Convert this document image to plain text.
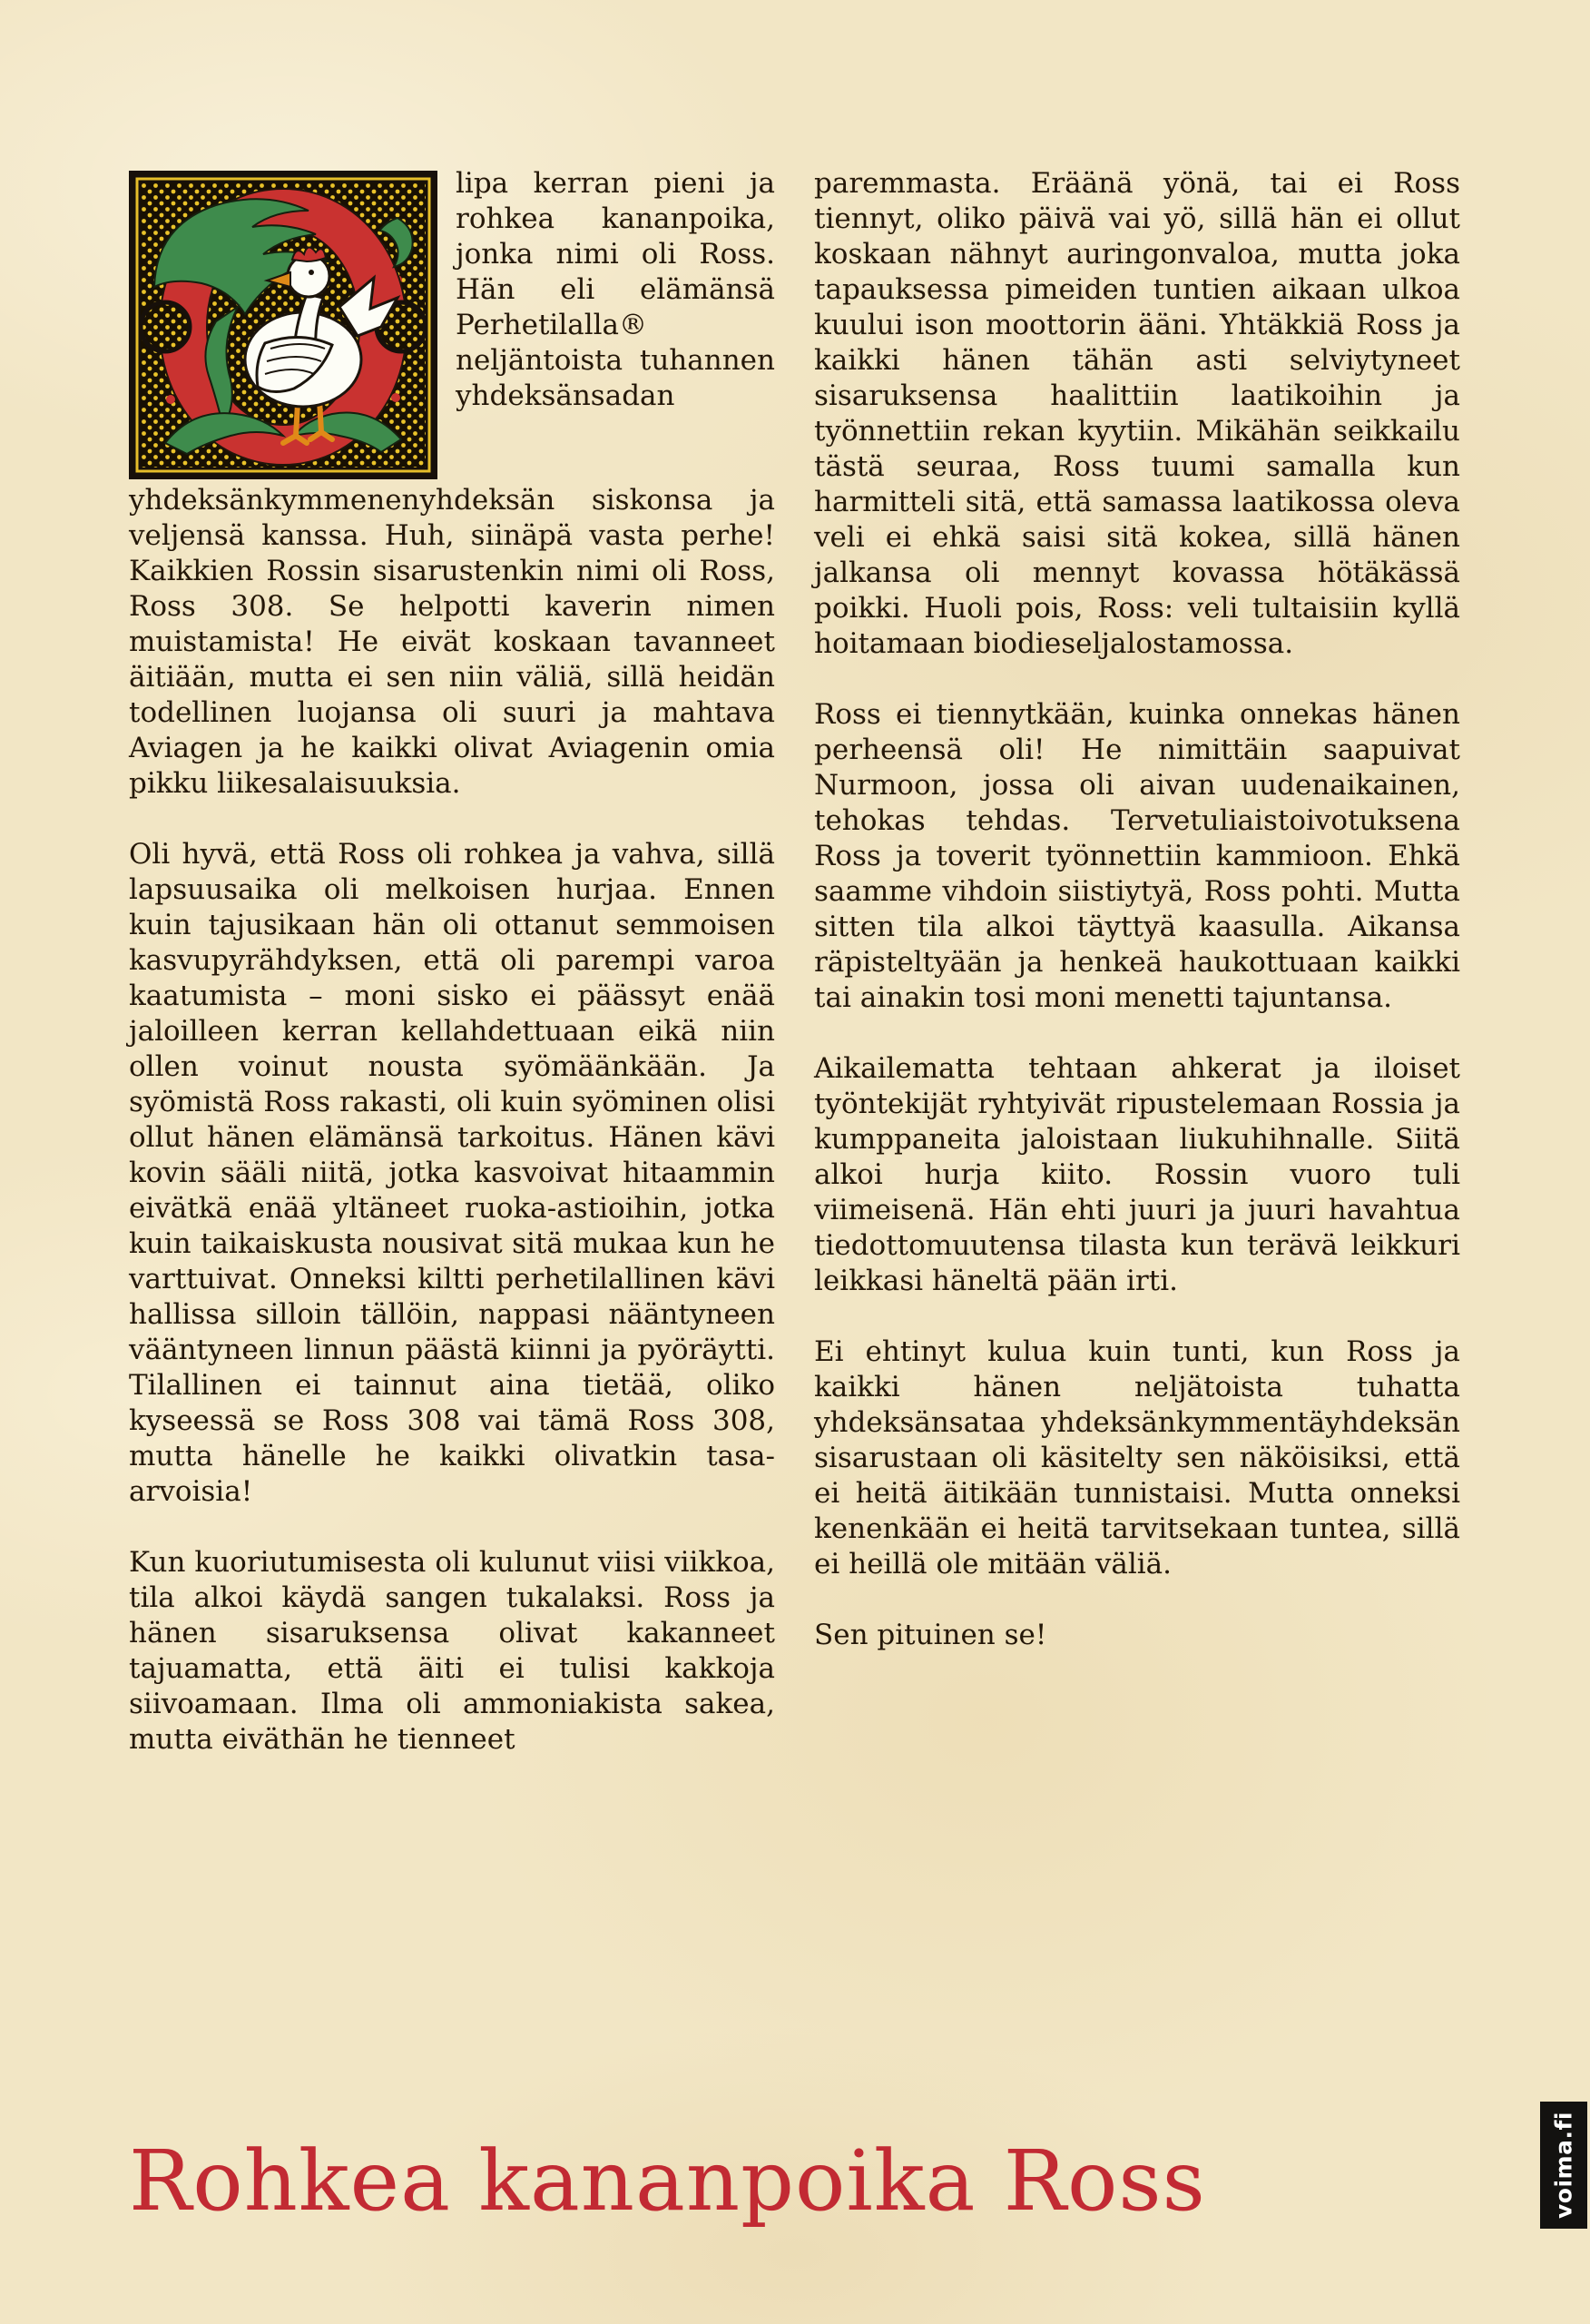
lipa kerran pieni ja rohkea kananpoika, jonka nimi oli Ross. Hän eli elämänsä Perhetilalla® neljäntoista tuhannen yhdeksänsadan yhdeksänkymmenenyhdeksän siskonsa ja veljensä kanssa. Huh, siinäpä vasta perhe! Kaikkien Rossin sisarustenkin nimi oli Ross, Ross 308. Se helpotti kaverin nimen muistamista! He eivät koskaan tavanneet äitiään, mutta ei sen niin väliä, sillä heidän todellinen luojansa oli suuri ja mahtava Aviagen ja he kaikki olivat Aviagenin omia pikku liikesalaisuuksia.

Oli hyvä, että Ross oli rohkea ja vahva, sillä lapsuusaika oli melkoisen hurjaa. Ennen kuin tajusikaan hän oli ottanut semmoisen kasvupyrähdyksen, että oli parempi varoa kaatumista – moni sisko ei päässyt enää jaloilleen kerran kellahdettuaan eikä niin ollen voinut nousta syömäänkään. Ja syömistä Ross rakasti, oli kuin syöminen olisi ollut hänen elämänsä tarkoitus. Hänen kävi kovin sääli niitä, jotka kasvoivat hitaammin eivätkä enää yltäneet ruoka-astioihin, jotka kuin taikaiskusta nousivat sitä mukaa kun he varttuivat. Onneksi kiltti perhetilallinen kävi hallissa silloin tällöin, nappasi nääntyneen vääntyneen linnun päästä kiinni ja pyöräytti. Tilallinen ei tainnut aina tietää, oliko kyseessä se Ross 308 vai tämä Ross 308, mutta hänelle he kaikki olivatkin tasa-arvoisia!

Kun kuoriutumisesta oli kulunut viisi viikkoa, tila alkoi käydä sangen tukalaksi. Ross ja hänen sisaruksensa olivat kakanneet tajuamatta, että äiti ei tulisi kakkoja siivoamaan. Ilma oli ammoniakista sakea, mutta eiväthän he tienneet

paremmasta. Eräänä yönä, tai ei Ross tiennyt, oliko päivä vai yö, sillä hän ei ollut koskaan nähnyt auringonvaloa, mutta joka tapauksessa pimeiden tuntien aikaan ulkoa kuului ison moottorin ääni. Yhtäkkiä Ross ja kaikki hänen tähän asti selviytyneet sisaruksensa haalittiin laatikoihin ja työnnettiin rekan kyytiin. Mikähän seikkailu tästä seuraa, Ross tuumi samalla kun harmitteli sitä, että samassa laatikossa oleva veli ei ehkä saisi sitä kokea, sillä hänen jalkansa oli mennyt kovassa hötäkässä poikki. Huoli pois, Ross: veli tultaisiin kyllä hoitamaan biodieseljalostamossa.

Ross ei tiennytkään, kuinka onnekas hänen perheensä oli! He nimittäin saapuivat Nurmoon, jossa oli aivan uudenaikainen, tehokas tehdas. Tervetuliaistoivotuksena Ross ja toverit työnnettiin kammioon. Ehkä saamme vihdoin siistiytyä, Ross pohti. Mutta sitten tila alkoi täyttyä kaasulla. Aikansa räpisteltyään ja henkeä haukottuaan kaikki tai ainakin tosi moni menetti tajuntansa.

Aikailematta tehtaan ahkerat ja iloiset työntekijät ryhtyivät ripustelemaan Rossia ja kumppaneita jaloistaan liukuhihnalle. Siitä alkoi hurja kiito. Rossin vuoro tuli viimeisenä. Hän ehti juuri ja juuri havahtua tiedottomuutensa tilasta kun terävä leikkuri leikkasi häneltä pään irti.

Ei ehtinyt kulua kuin tunti, kun Ross ja kaikki hänen neljätoista tuhatta yhdeksänsataa yhdeksänkymmentäyhdeksän sisarustaan oli käsitelty sen näköisiksi, että ei heitä äitikään tunnistaisi. Mutta onneksi kenenkään ei heitä tarvitsekaan tuntea, sillä ei heillä ole mitään väliä.

Sen pituinen se!

Rohkea kananpoika Ross	voima.fi
